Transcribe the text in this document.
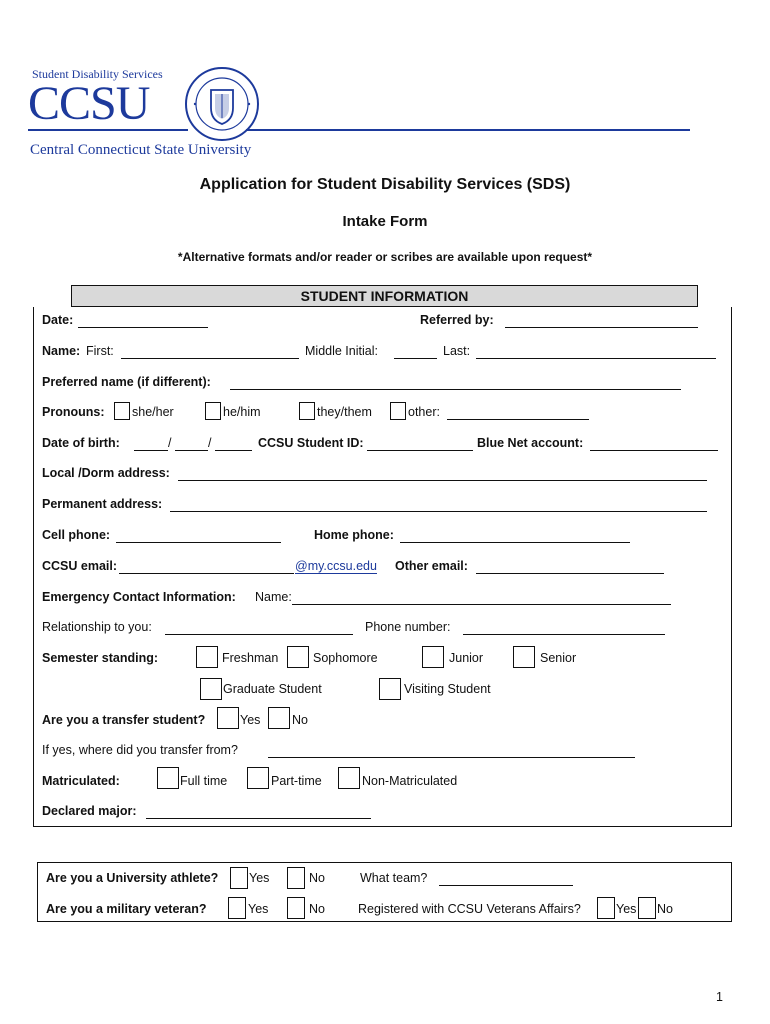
Student Disability Services
CCSU
Central Connecticut State University
Application for Student Disability Services (SDS)
Intake Form
*Alternative formats and/or reader or scribes are available upon request*
STUDENT INFORMATION
Date:	Referred by:
Name: First:	Middle Initial:	Last:
Preferred name (if different):
Pronouns: she/her	he/him	they/them	other:
Date of birth:	/	/	CCSU Student ID:	Blue Net account:
Local /Dorm address:
Permanent address:
Cell phone:	Home phone:
CCSU email:	@my.ccsu.edu Other email:
Emergency Contact Information: Name:
Relationship to you:	Phone number:
Semester standing:	Freshman	Sophomore	Junior	Senior
Graduate Student	Visiting Student
Are you a transfer student?	Yes	No
If yes, where did you transfer from?
Matriculated:	Full time	Part-time	Non-Matriculated
Declared major:
Are you a University athlete? Yes	No	What team?
Are you a military veteran?	Yes	No	Registered with CCSU Veterans Affairs?	Yes No
1
